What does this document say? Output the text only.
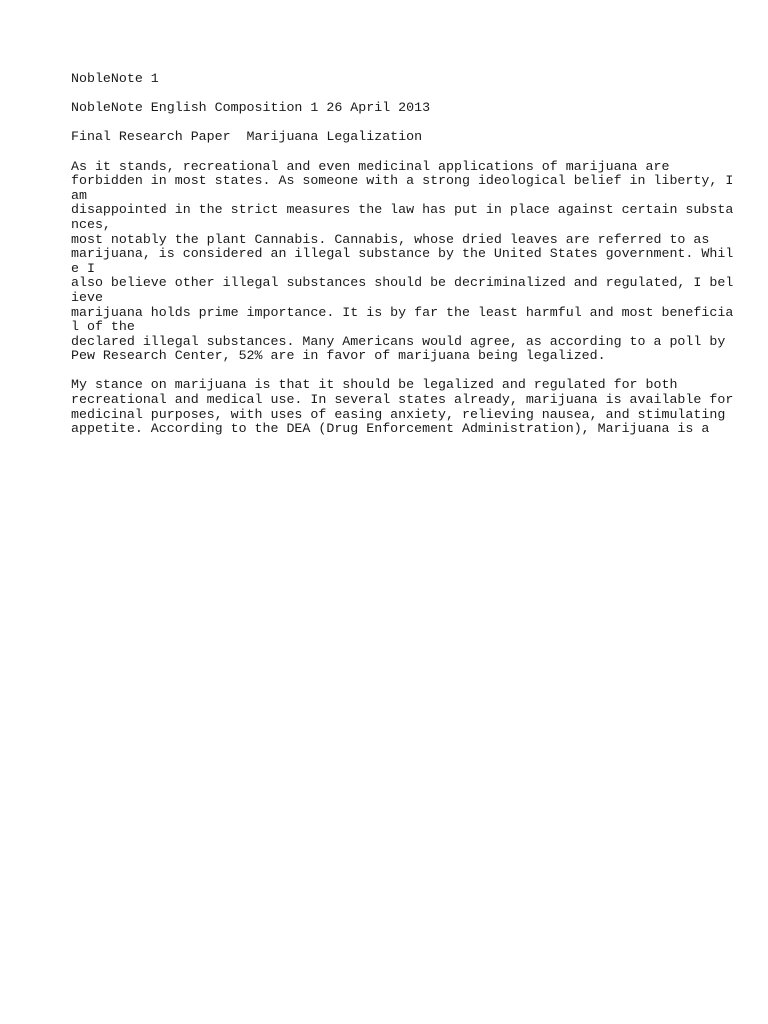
NobleNote 1
NobleNote English Composition 1 26 April 2013
Final Research Paper  Marijuana Legalization
As it stands, recreational and even medicinal applications of marijuana are
forbidden in most states. As someone with a strong ideological belief in liberty, I
am
disappointed in the strict measures the law has put in place against certain substa
nces,
most notably the plant Cannabis. Cannabis, whose dried leaves are referred to as
marijuana, is considered an illegal substance by the United States government. Whil
e I
also believe other illegal substances should be decriminalized and regulated, I bel
ieve
marijuana holds prime importance. It is by far the least harmful and most beneficia
l of the
declared illegal substances. Many Americans would agree, as according to a poll by
Pew Research Center, 52% are in favor of marijuana being legalized.
My stance on marijuana is that it should be legalized and regulated for both
recreational and medical use. In several states already, marijuana is available for
medicinal purposes, with uses of easing anxiety, relieving nausea, and stimulating
appetite. According to the DEA (Drug Enforcement Administration), Marijuana is a
